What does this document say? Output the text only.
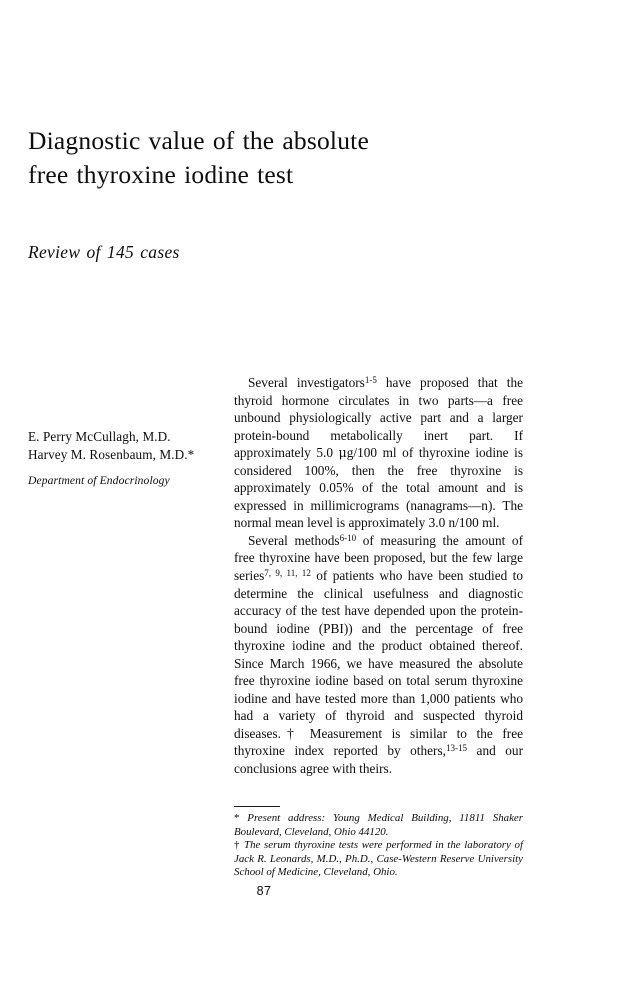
Diagnostic value of the absolute
free thyroxine iodine test
Review of 145 cases
E. Perry McCullagh, M.D.
Harvey M. Rosenbaum, M.D.*
Department of Endocrinology

Several investigators$^{1-5}$ have proposed that the thyroid hormone circulates in two parts—a free unbound physiologically active part and a larger protein-bound metabolically inert part. If approximately 5.0 μg/100 ml of thyroxine iodine is considered 100%, then the free thyroxine is approximately 0.05% of the total amount and is expressed in millimicrograms (nanagrams—n). The normal mean level is approximately 3.0 n/100 ml.

Several methods$^{6-10}$ of measuring the amount of free thyroxine have been proposed, but the few large series$^{7, 9, 11, 12}$ of patients who have been studied to determine the clinical usefulness and diagnostic accuracy of the test have depended upon the protein-bound iodine (PBI)) and the percentage of free thyroxine iodine and the product obtained thereof. Since March 1966, we have measured the absolute free thyroxine iodine based on total serum thyroxine iodine and have tested more than 1,000 patients who had a variety of thyroid and suspected thyroid diseases.† Measurement is similar to the free thyroxine index reported by others,$^{13-15}$ and our conclusions agree with theirs.

* Present address: Young Medical Building, 11811 Shaker Boulevard, Cleveland, Ohio 44120.

† The serum thyroxine tests were performed in the laboratory of Jack R. Leonards, M.D., Ph.D., Case-Western Reserve University School of Medicine, Cleveland, Ohio.

87
